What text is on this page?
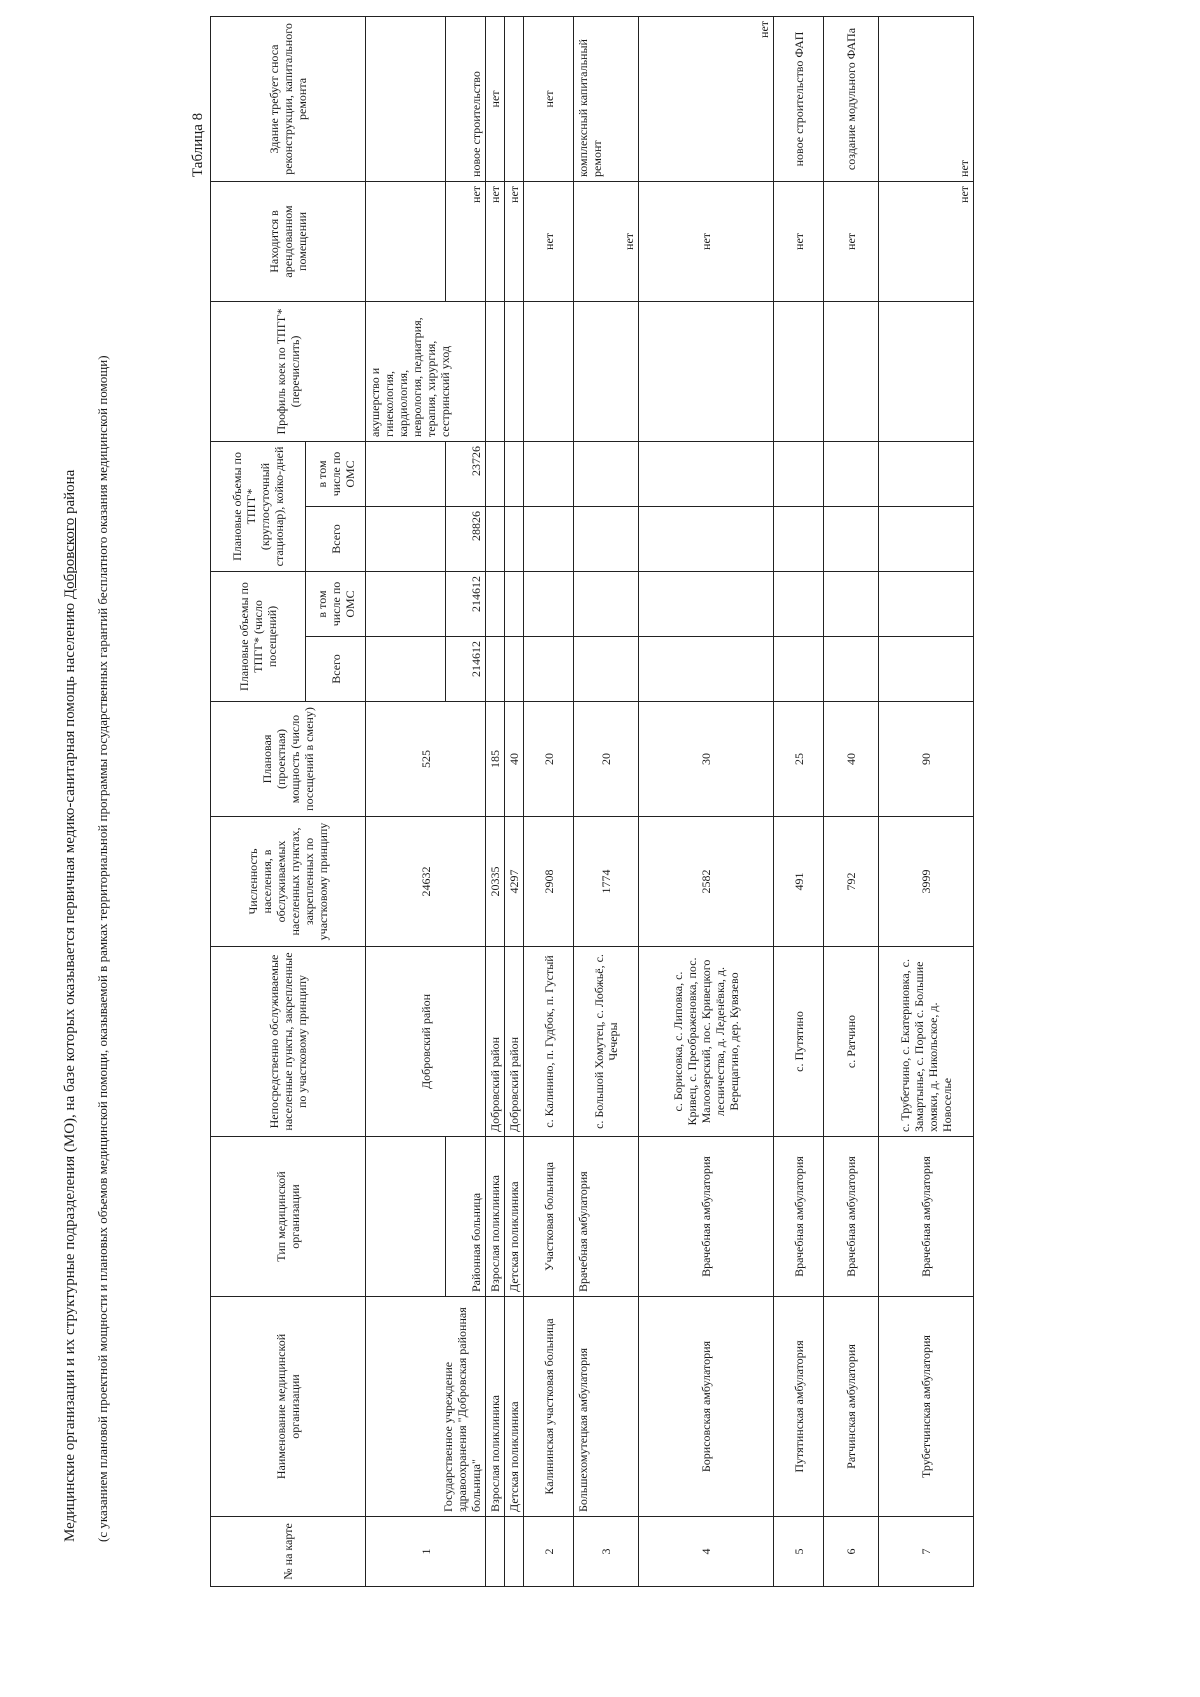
Медицинские организации и их структурные подразделения (МО), на базе которых оказывается первичная медико-санитарная помощь населению Добровского района (с указанием плановой проектной мощности и плановых объемов медицинской помощи, оказываемой в рамках территориальной программы государственных гарантий бесплатного оказания медицинской помощи)
Таблица 8
№ на карте	Наименование медицинской организации	Тип медицинской организации	Непосредственно обслуживаемые населенные пункты, закрепленные по участковому принципу	Численность населения, в обслуживаемых населенных пунктах, закрепленных по участковому принципу	Плановая (проектная) мощность (число посещений в смену)	Плановые объемы по ТПГГ* (число посещений)		Плановые объемы по ТПГГ* (круглосуточный стационар), койко-дней		Профиль коек по ТПГГ* (перечислить)	Находится в арендованном помещении	Здание требует сноса реконструкции, капитального ремонта
						Всего	в том числе по ОМС	Всего	в том числе по ОМС			
1	Государственное учреждение здравоохранения "Добровская районная больница"		Добровский район	24632	525					акушерство и гинекология, кардиология, неврология, педиатрия, терапия, хирургия, сестринский уход		
		Районная больница				214612	214612	28826	23726		нет	новое строительство
	Взрослая поликлиника	Взрослая поликлиника	Добровский район	20335	185						нет	нет
	Детская поликлиника	Детская поликлиника	Добровский район	4297	40						нет	
2	Калининская участковая больница	Участковая больница	с. Калинино, п. Гудбок, п. Густый	2908	20						нет	нет
3	Большехомутецкая амбулатория	Врачебная амбулатория	с. Большой Хомутец, с. Лобжьё, с. Чечеры	1774	20						нет	комплексный капитальный ремонт
4	Борисовская амбулатория	Врачебная амбулатория	с. Борисовка, с. Липовка, с. Кривец, с. Преображеновка, пос. Малоозерский, пос. Кривецкого лесничества, д. Леденёвка, д. Верещагино, дер. Кувязево	2582	30						нет	нет
5	Путятинская амбулатория	Врачебная амбулатория	с. Путятино	491	25						нет	новое строительство ФАП
6	Ратчинская амбулатория	Врачебная амбулатория	с. Ратчино	792	40						нет	создание модульного ФАПа
7	Трубетчинская амбулатория	Врачебная амбулатория	с. Трубетчино, с. Екатериновка, с. Замартынье, с. Порой с. Большие хомяки, д. Никольское, д. Новоселье	3999	90						нет	нет
